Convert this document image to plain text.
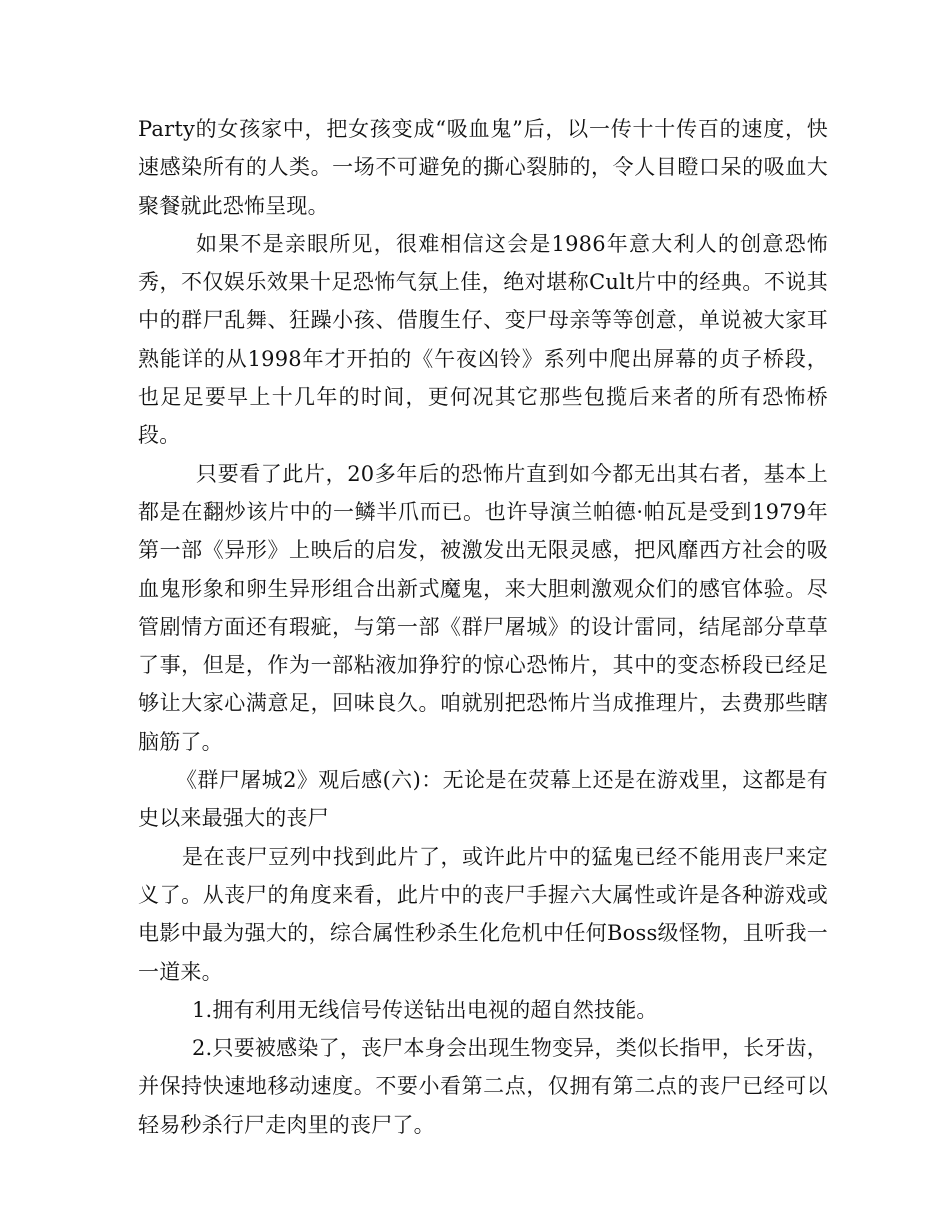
Party的女孩家中，把女孩变成“吸血鬼”后，以一传十十传百的速度，快速感染所有的人类。一场不可避免的撕心裂肺的，令人目瞪口呆的吸血大聚餐就此恐怖呈现。

如果不是亲眼所见，很难相信这会是1986年意大利人的创意恐怖秀，不仅娱乐效果十足恐怖气氛上佳，绝对堪称Cult片中的经典。不说其中的群尸乱舞、狂躁小孩、借腹生仔、变尸母亲等等创意，单说被大家耳熟能详的从1998年才开拍的《午夜凶铃》系列中爬出屏幕的贞子桥段，也足足要早上十几年的时间，更何况其它那些包揽后来者的所有恐怖桥段。

只要看了此片，20多年后的恐怖片直到如今都无出其右者，基本上都是在翻炒该片中的一鳞半爪而已。也许导演兰帕德·帕瓦是受到1979年第一部《异形》上映后的启发，被激发出无限灵感，把风靡西方社会的吸血鬼形象和卵生异形组合出新式魔鬼，来大胆刺激观众们的感官体验。尽管剧情方面还有瑕疵，与第一部《群尸屠城》的设计雷同，结尾部分草草了事，但是，作为一部粘液加狰狞的惊心恐怖片，其中的变态桥段已经足够让大家心满意足，回味良久。咱就别把恐怖片当成推理片，去费那些瞎脑筋了。

《群尸屠城2》观后感(六)：无论是在荧幕上还是在游戏里，这都是有史以来最强大的丧尸

是在丧尸豆列中找到此片了，或许此片中的猛鬼已经不能用丧尸来定义了。从丧尸的角度来看，此片中的丧尸手握六大属性或许是各种游戏或电影中最为强大的，综合属性秒杀生化危机中任何Boss级怪物，且听我一一道来。

1.拥有利用无线信号传送钻出电视的超自然技能。

2.只要被感染了，丧尸本身会出现生物变异，类似长指甲，长牙齿，并保持快速地移动速度。不要小看第二点，仅拥有第二点的丧尸已经可以轻易秒杀行尸走肉里的丧尸了。
